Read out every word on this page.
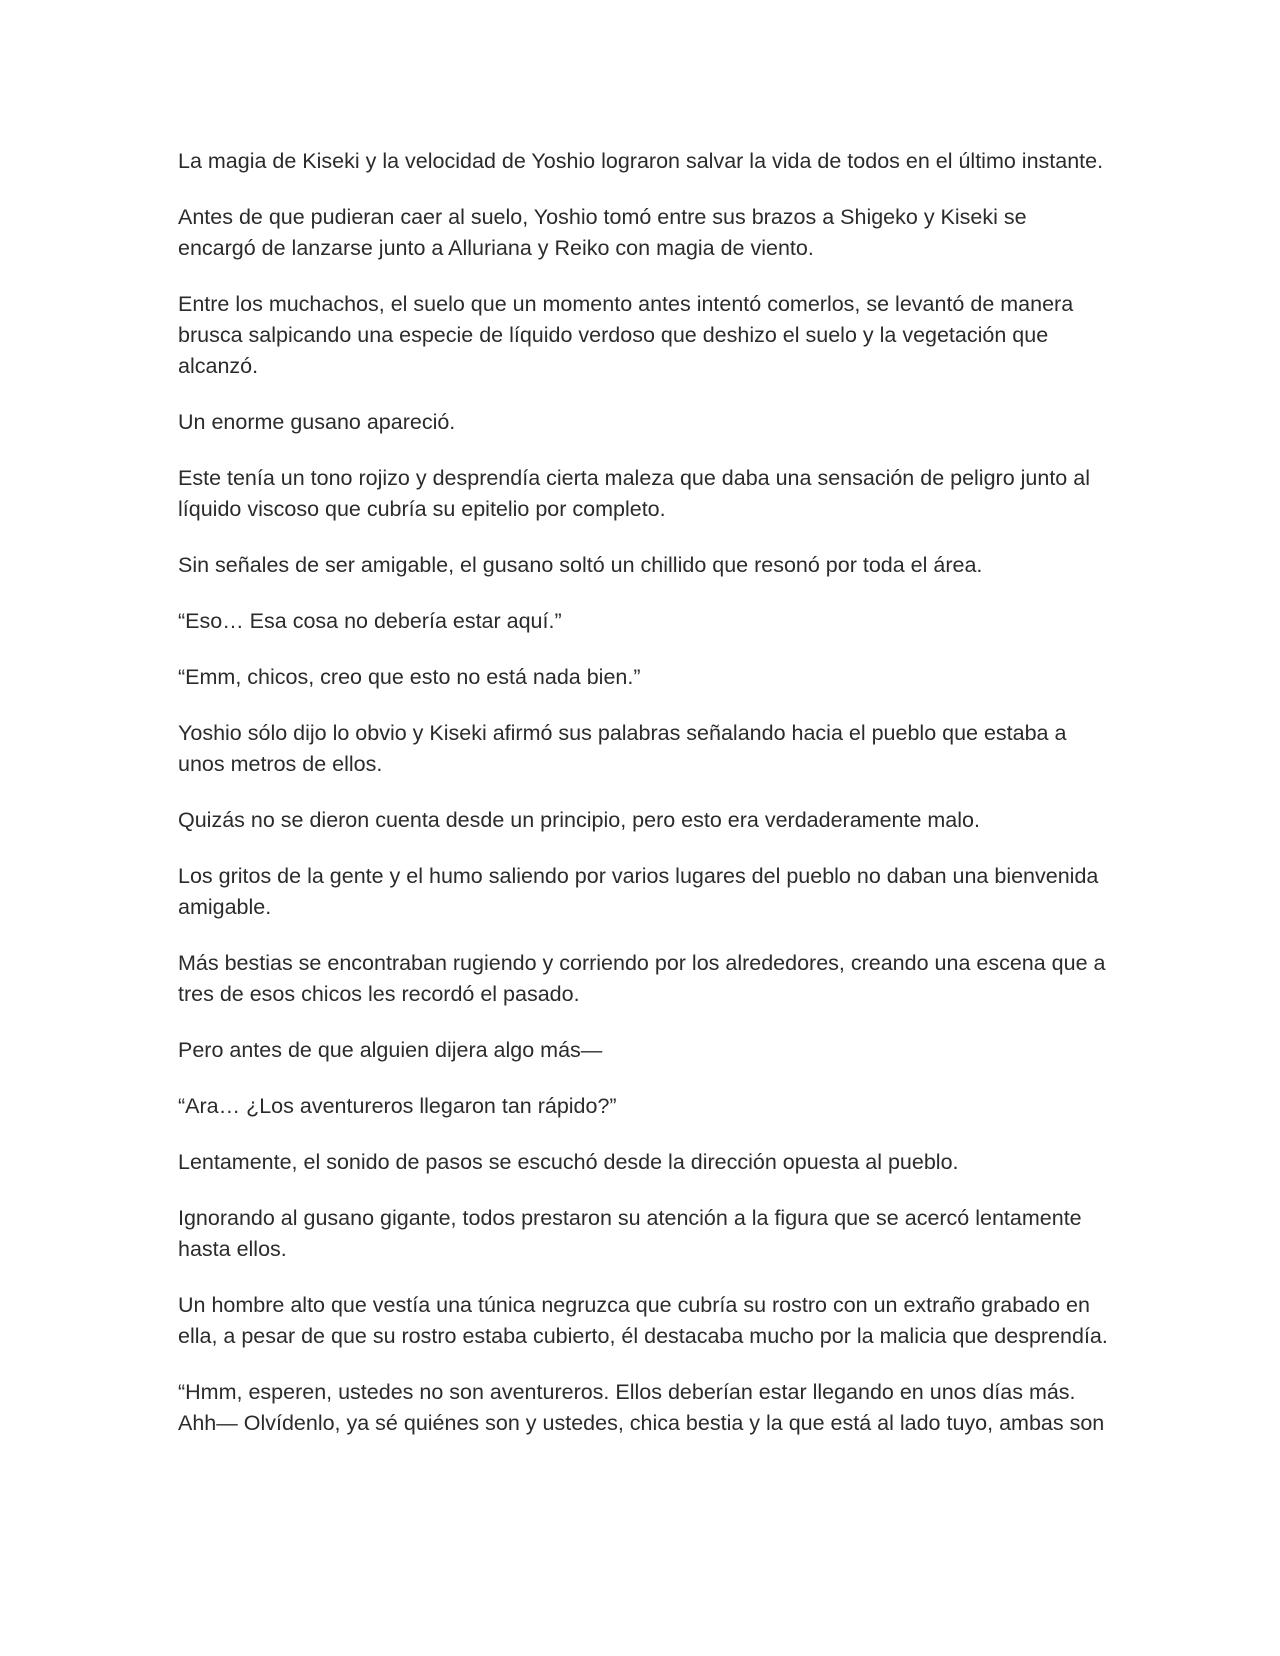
La magia de Kiseki y la velocidad de Yoshio lograron salvar la vida de todos en el último instante.

Antes de que pudieran caer al suelo, Yoshio tomó entre sus brazos a Shigeko y Kiseki se encargó de lanzarse junto a Alluriana y Reiko con magia de viento.

Entre los muchachos, el suelo que un momento antes intentó comerlos, se levantó de manera brusca salpicando una especie de líquido verdoso que deshizo el suelo y la vegetación que alcanzó.

Un enorme gusano apareció.

Este tenía un tono rojizo y desprendía cierta maleza que daba una sensación de peligro junto al líquido viscoso que cubría su epitelio por completo.

Sin señales de ser amigable, el gusano soltó un chillido que resonó por toda el área.

“Eso… Esa cosa no debería estar aquí.”

“Emm, chicos, creo que esto no está nada bien.”

Yoshio sólo dijo lo obvio y Kiseki afirmó sus palabras señalando hacia el pueblo que estaba a unos metros de ellos.

Quizás no se dieron cuenta desde un principio, pero esto era verdaderamente malo.

Los gritos de la gente y el humo saliendo por varios lugares del pueblo no daban una bienvenida amigable.

Más bestias se encontraban rugiendo y corriendo por los alrededores, creando una escena que a tres de esos chicos les recordó el pasado.

Pero antes de que alguien dijera algo más—

“Ara… ¿Los aventureros llegaron tan rápido?”

Lentamente, el sonido de pasos se escuchó desde la dirección opuesta al pueblo.

Ignorando al gusano gigante, todos prestaron su atención a la figura que se acercó lentamente hasta ellos.

Un hombre alto que vestía una túnica negruzca que cubría su rostro con un extraño grabado en ella, a pesar de que su rostro estaba cubierto, él destacaba mucho por la malicia que desprendía.

“Hmm, esperen, ustedes no son aventureros. Ellos deberían estar llegando en unos días más. Ahh— Olvídenlo, ya sé quiénes son y ustedes, chica bestia y la que está al lado tuyo, ambas son
